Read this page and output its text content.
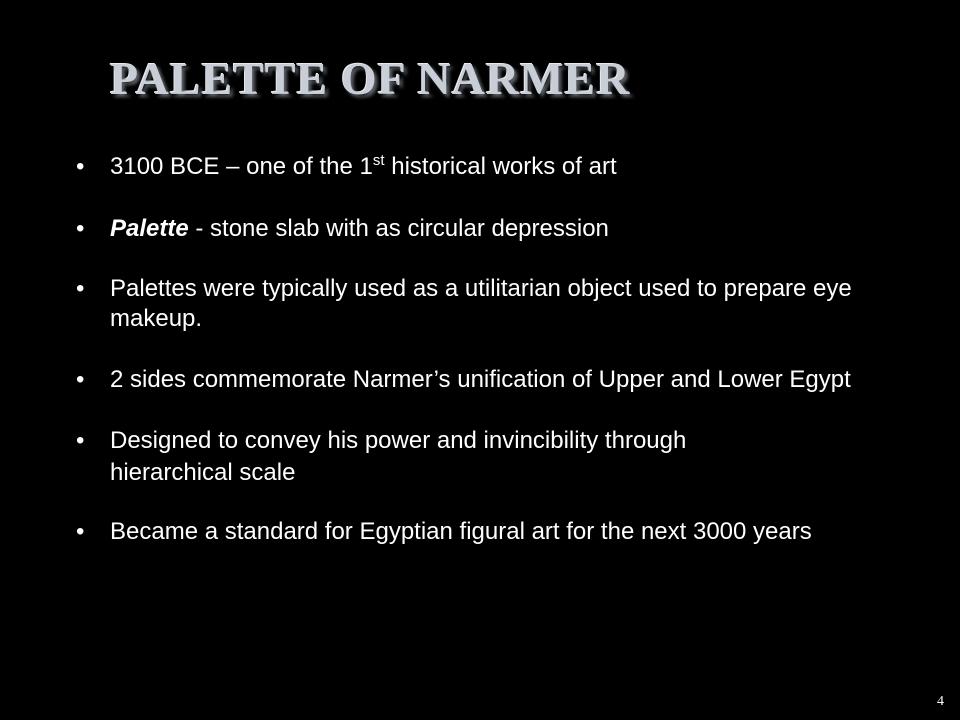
PALETTE OF NARMER
• 3100 BCE – one of the 1st historical works of art
• Palette - stone slab with as circular depression
• Palettes were typically used as a utilitarian object used to prepare eye makeup.
• 2 sides commemorate Narmer’s unification of Upper and Lower Egypt
• Designed to convey his power and invincibility through
hierarchical scale
• Became a standard for Egyptian figural art for the next 3000 years
4
